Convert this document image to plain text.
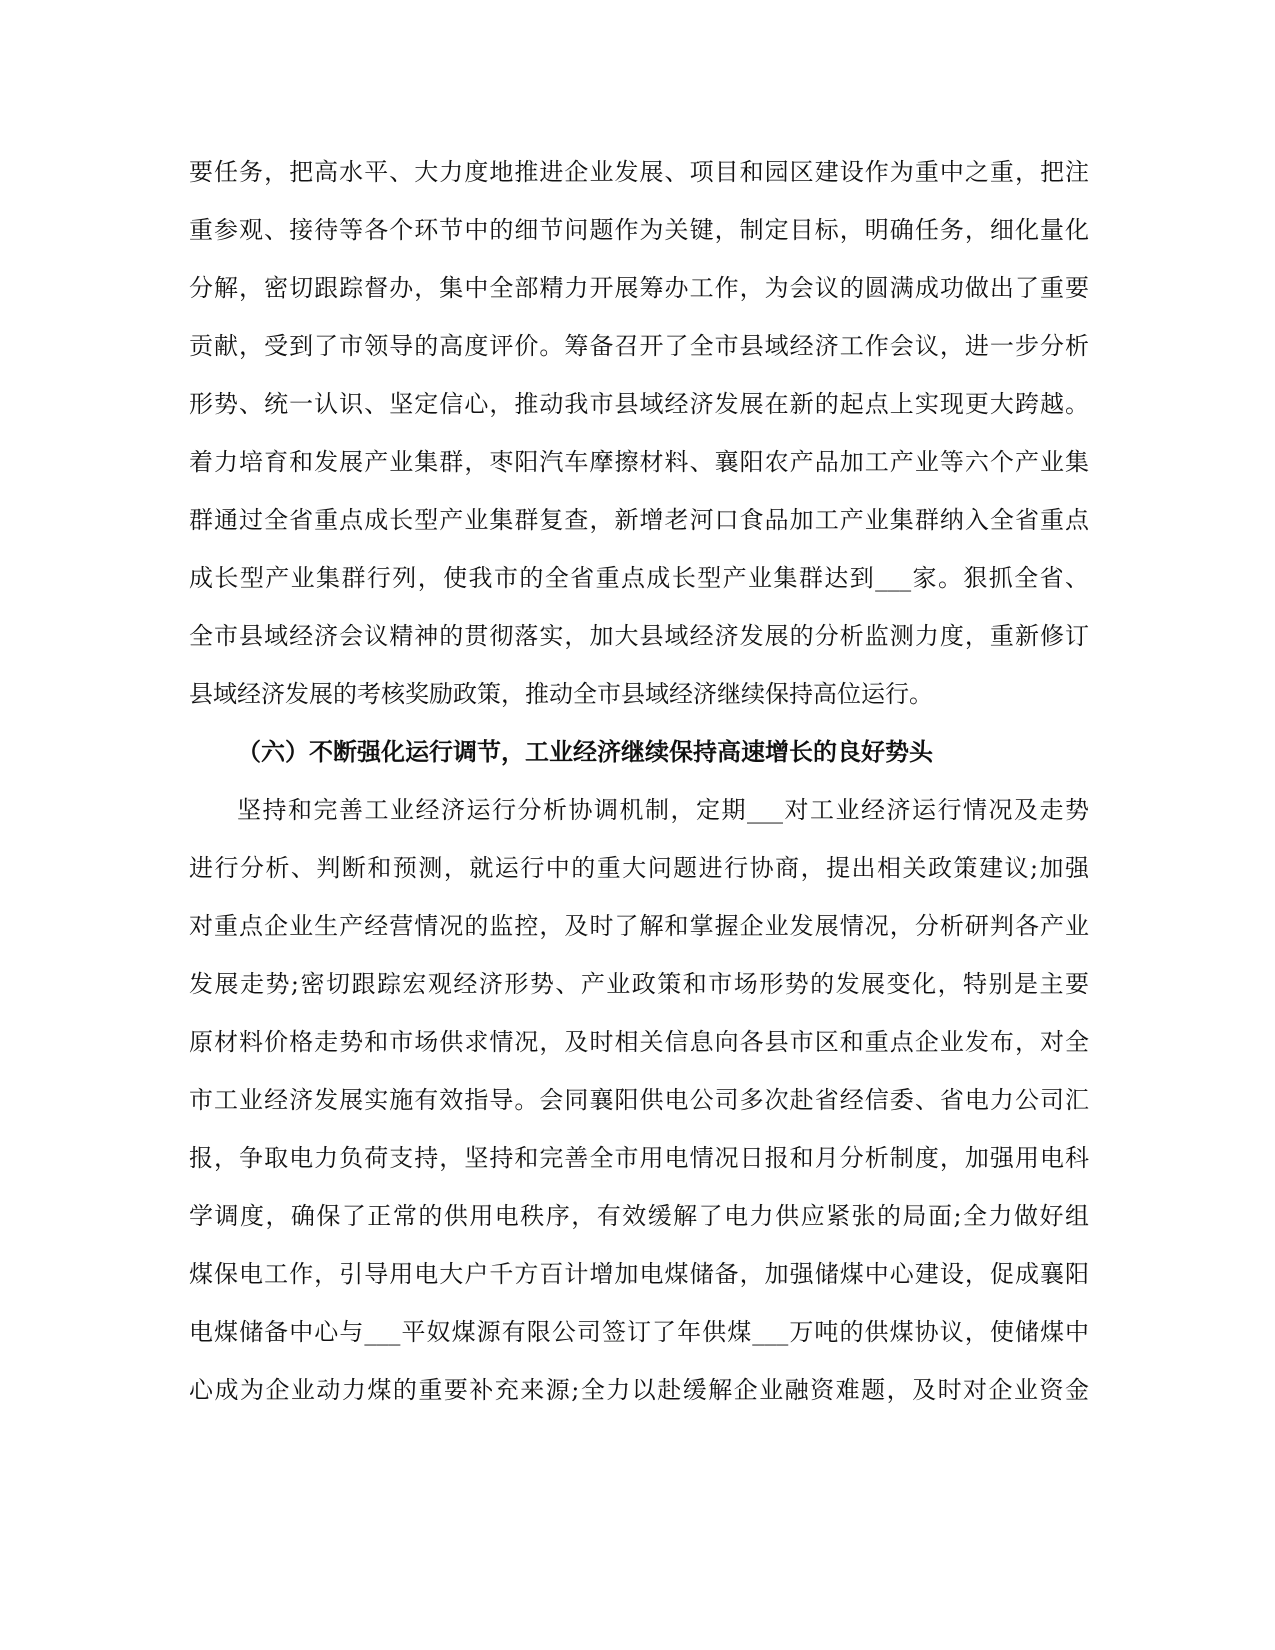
要任务，把高水平、大力度地推进企业发展、项目和园区建设作为重中之重，把注
重参观、接待等各个环节中的细节问题作为关键，制定目标，明确任务，细化量化
分解，密切跟踪督办，集中全部精力开展筹办工作，为会议的圆满成功做出了重要
贡献，受到了市领导的高度评价。筹备召开了全市县域经济工作会议，进一步分析
形势、统一认识、坚定信心，推动我市县域经济发展在新的起点上实现更大跨越。
着力培育和发展产业集群，枣阳汽车摩擦材料、襄阳农产品加工产业等六个产业集
群通过全省重点成长型产业集群复查，新增老河口食品加工产业集群纳入全省重点
成长型产业集群行列，使我市的全省重点成长型产业集群达到___家。狠抓全省、
全市县域经济会议精神的贯彻落实，加大县域经济发展的分析监测力度，重新修订
县域经济发展的考核奖励政策，推动全市县域经济继续保持高位运行。
（六）不断强化运行调节，工业经济继续保持高速增长的良好势头
坚持和完善工业经济运行分析协调机制，定期___对工业经济运行情况及走势
进行分析、判断和预测，就运行中的重大问题进行协商，提出相关政策建议;加强
对重点企业生产经营情况的监控，及时了解和掌握企业发展情况，分析研判各产业
发展走势;密切跟踪宏观经济形势、产业政策和市场形势的发展变化，特别是主要
原材料价格走势和市场供求情况，及时相关信息向各县市区和重点企业发布，对全
市工业经济发展实施有效指导。会同襄阳供电公司多次赴省经信委、省电力公司汇
报，争取电力负荷支持，坚持和完善全市用电情况日报和月分析制度，加强用电科
学调度，确保了正常的供用电秩序，有效缓解了电力供应紧张的局面;全力做好组
煤保电工作，引导用电大户千方百计增加电煤储备，加强储煤中心建设，促成襄阳
电煤储备中心与___平奴煤源有限公司签订了年供煤___万吨的供煤协议，使储煤中
心成为企业动力煤的重要补充来源;全力以赴缓解企业融资难题，及时对企业资金
